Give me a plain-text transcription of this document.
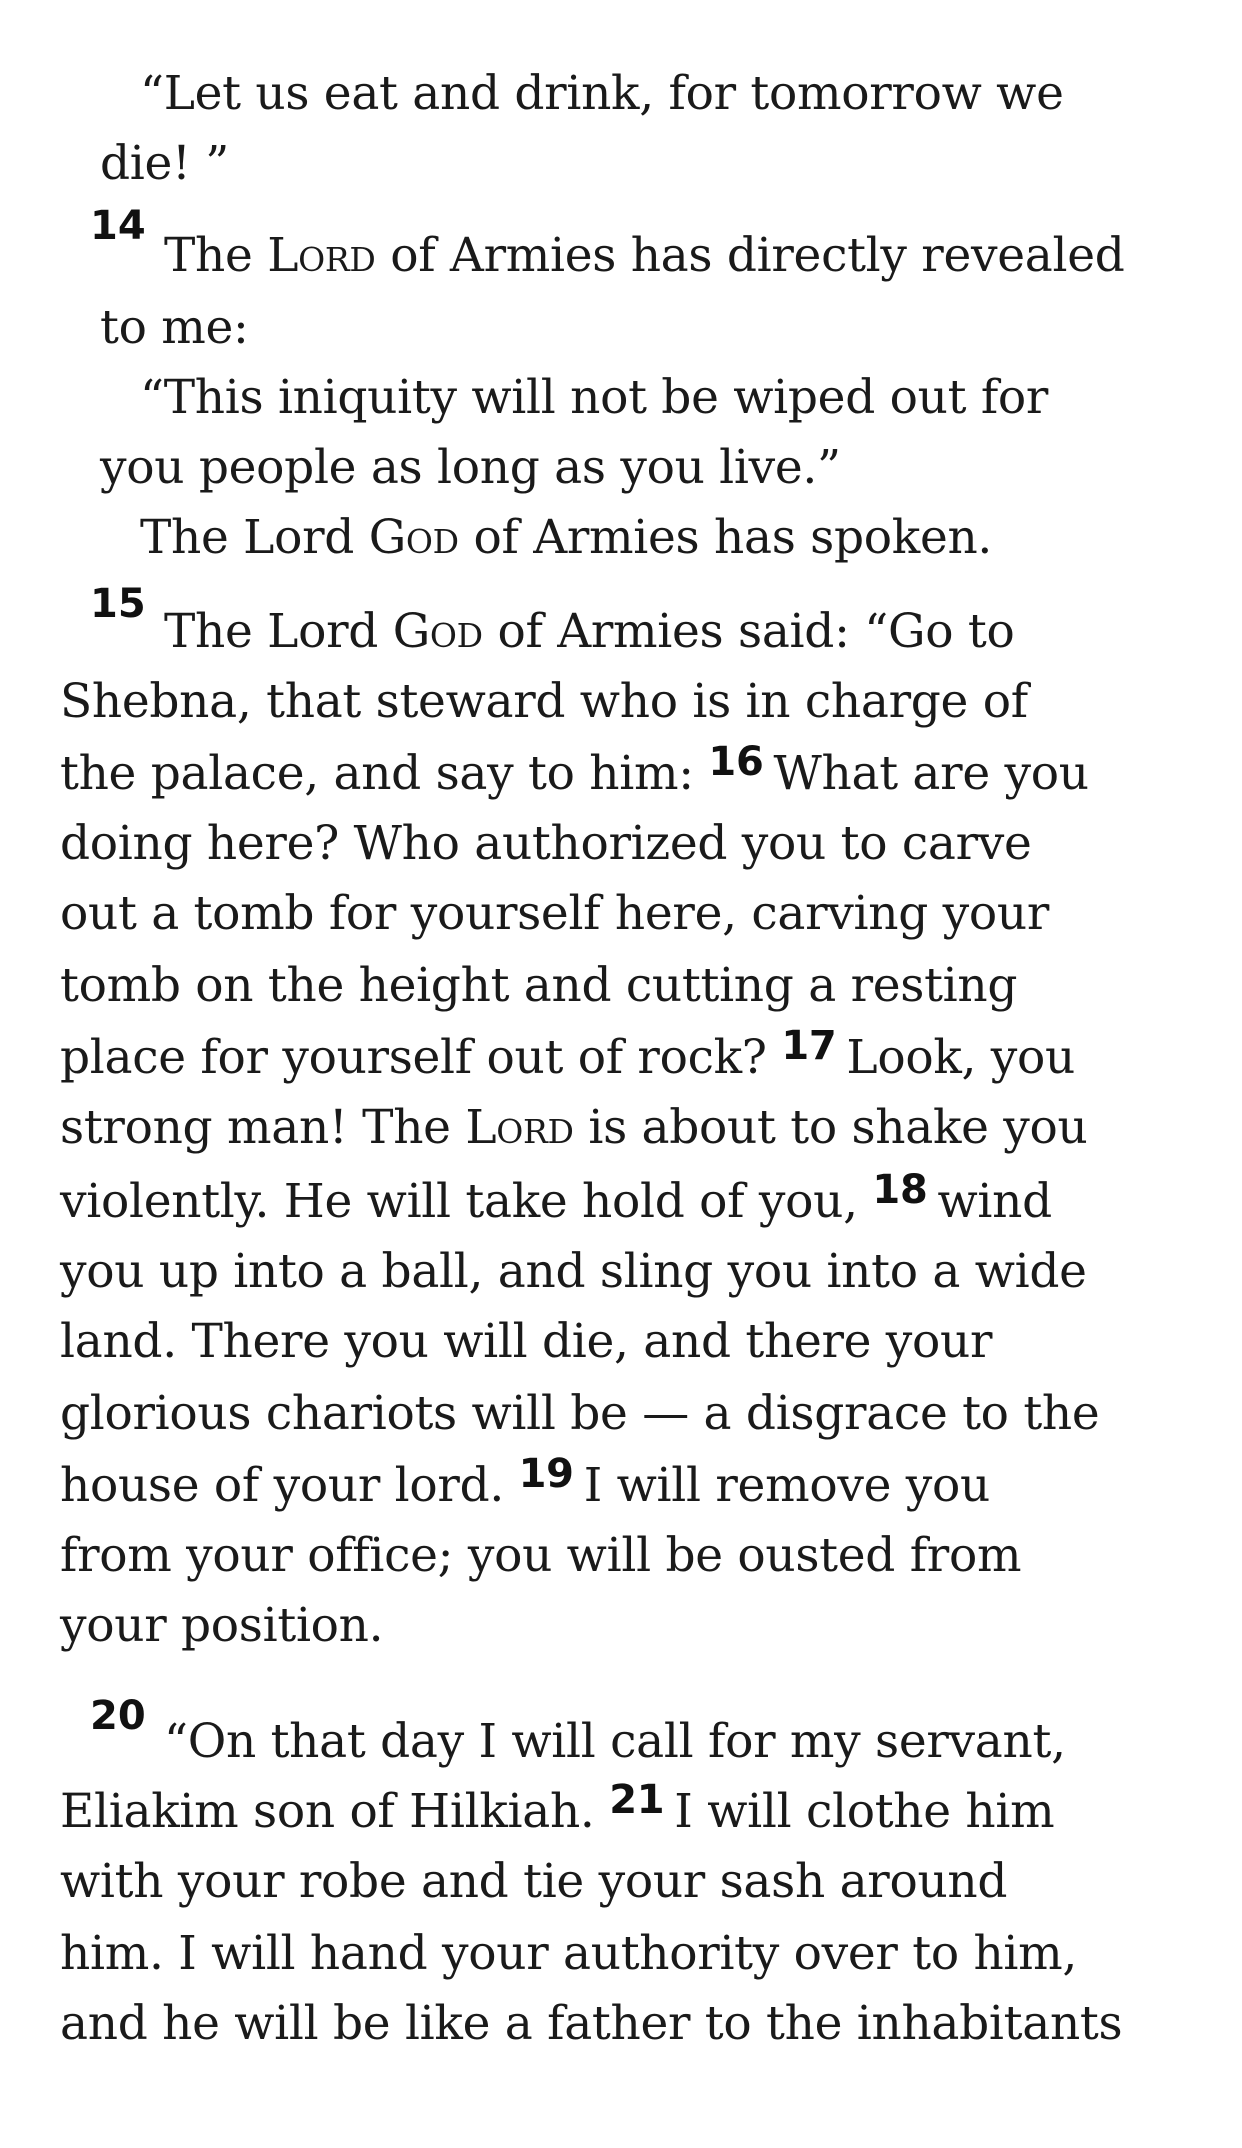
“Let us eat and drink, for tomorrow we
die! ”
14
The Lord of Armies has directly revealed
to me:
“This iniquity will not be wiped out for
you people as long as you live.”
The Lord God of Armies has spoken.
15 The Lord God of Armies said: “Go to
Shebna, that steward who is in charge of
the palace, and say to him: 16 What are you
doing here? Who authorized you to carve
out a tomb for yourself here, carving your
tomb on the height and cutting a resting
place for yourself out of rock? 17 Look, you
strong man! The Lord is about to shake you
violently. He will take hold of you, 18 wind
you up into a ball, and sling you into a wide
land. There you will die, and there your
glorious chariots will be — a disgrace to the
house of your lord. 19 I will remove you
from your office; you will be ousted from
your position.
20 “On that day I will call for my servant,
Eliakim son of Hilkiah. 21 I will clothe him
with your robe and tie your sash around
him. I will hand your authority over to him,
and he will be like a father to the inhabitants
